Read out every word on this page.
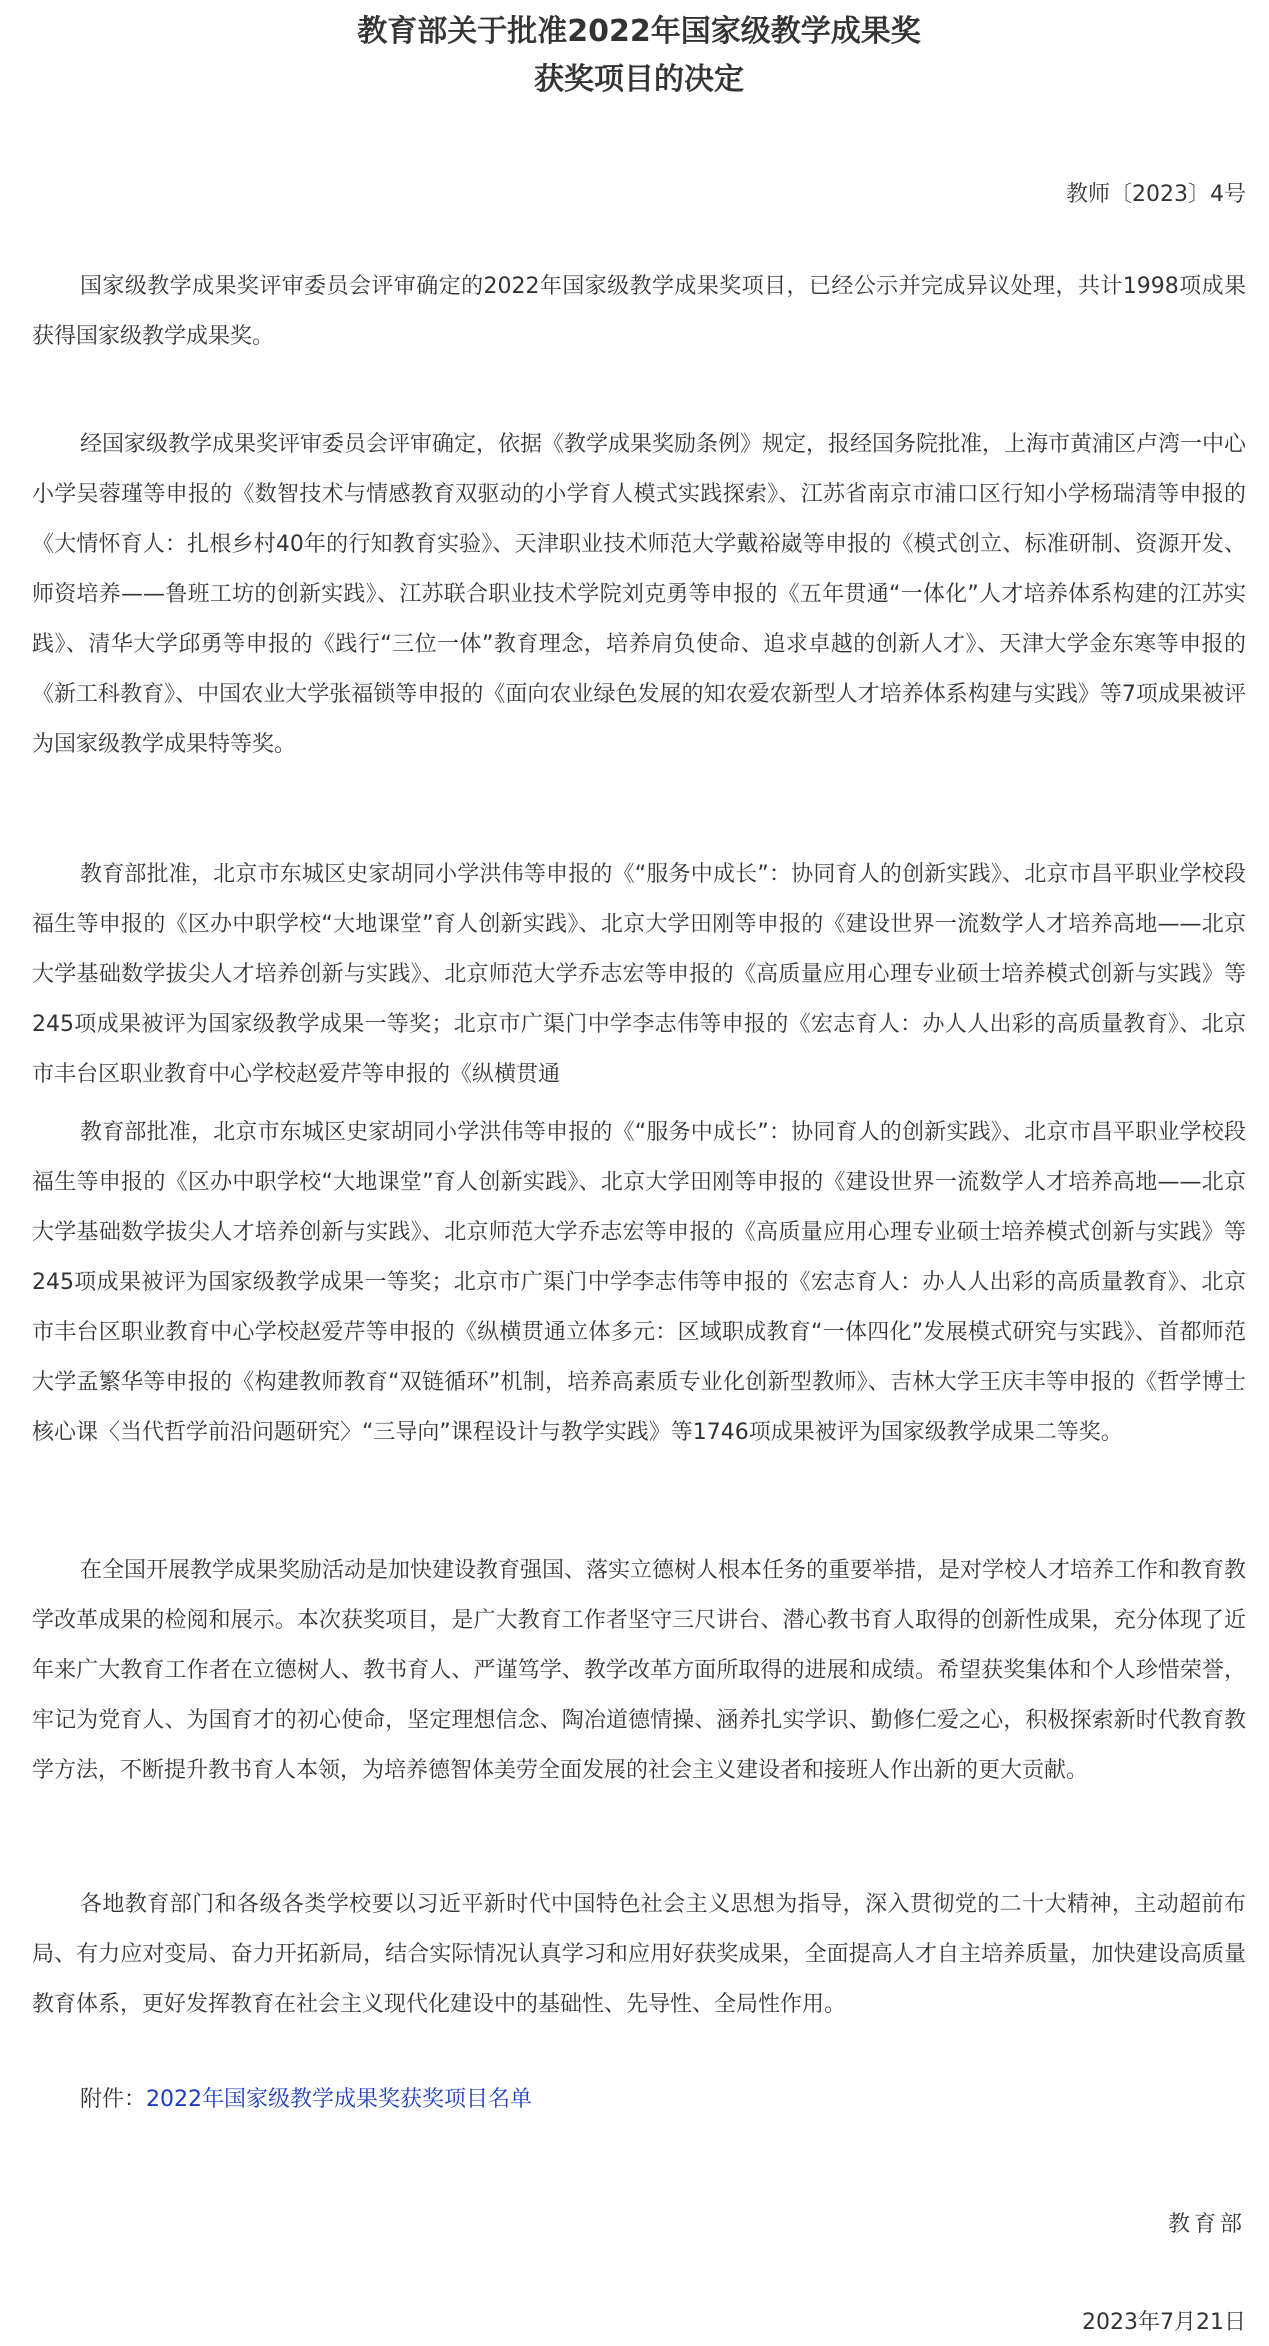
教育部关于批准2022年国家级教学成果奖
获奖项目的决定
教师〔2023〕4号

国家级教学成果奖评审委员会评审确定的2022年国家级教学成果奖项目，已经公示并完成异议处理，共计1998项成果获得国家级教学成果奖。

经国家级教学成果奖评审委员会评审确定，依据《教学成果奖励条例》规定，报经国务院批准，上海市黄浦区卢湾一中心小学吴蓉瑾等申报的《数智技术与情感教育双驱动的小学育人模式实践探索》、江苏省南京市浦口区行知小学杨瑞清等申报的《大情怀育人：扎根乡村40年的行知教育实验》、天津职业技术师范大学戴裕崴等申报的《模式创立、标准研制、资源开发、师资培养——鲁班工坊的创新实践》、江苏联合职业技术学院刘克勇等申报的《五年贯通“一体化”人才培养体系构建的江苏实践》、清华大学邱勇等申报的《践行“三位一体”教育理念，培养肩负使命、追求卓越的创新人才》、天津大学金东寒等申报的《新工科教育》、中国农业大学张福锁等申报的《面向农业绿色发展的知农爱农新型人才培养体系构建与实践》等7项成果被评为国家级教学成果特等奖。

教育部批准，北京市东城区史家胡同小学洪伟等申报的《“服务中成长”：协同育人的创新实践》、北京市昌平职业学校段福生等申报的《区办中职学校“大地课堂”育人创新实践》、北京大学田刚等申报的《建设世界一流数学人才培养高地——北京大学基础数学拔尖人才培养创新与实践》、北京师范大学乔志宏等申报的《高质量应用心理专业硕士培养模式创新与实践》等245项成果被评为国家级教学成果一等奖；北京市广渠门中学李志伟等申报的《宏志育人：办人人出彩的高质量教育》、北京市丰台区职业教育中心学校赵爱芹等申报的《纵横贯通

教育部批准，北京市东城区史家胡同小学洪伟等申报的《“服务中成长”：协同育人的创新实践》、北京市昌平职业学校段福生等申报的《区办中职学校“大地课堂”育人创新实践》、北京大学田刚等申报的《建设世界一流数学人才培养高地——北京大学基础数学拔尖人才培养创新与实践》、北京师范大学乔志宏等申报的《高质量应用心理专业硕士培养模式创新与实践》等245项成果被评为国家级教学成果一等奖；北京市广渠门中学李志伟等申报的《宏志育人：办人人出彩的高质量教育》、北京市丰台区职业教育中心学校赵爱芹等申报的《纵横贯通立体多元：区域职成教育“一体四化”发展模式研究与实践》、首都师范大学孟繁华等申报的《构建教师教育“双链循环”机制，培养高素质专业化创新型教师》、吉林大学王庆丰等申报的《哲学博士核心课〈当代哲学前沿问题研究〉“三导向”课程设计与教学实践》等1746项成果被评为国家级教学成果二等奖。

在全国开展教学成果奖励活动是加快建设教育强国、落实立德树人根本任务的重要举措，是对学校人才培养工作和教育教学改革成果的检阅和展示。本次获奖项目，是广大教育工作者坚守三尺讲台、潜心教书育人取得的创新性成果，充分体现了近年来广大教育工作者在立德树人、教书育人、严谨笃学、教学改革方面所取得的进展和成绩。希望获奖集体和个人珍惜荣誉，牢记为党育人、为国育才的初心使命，坚定理想信念、陶冶道德情操、涵养扎实学识、勤修仁爱之心，积极探索新时代教育教学方法，不断提升教书育人本领，为培养德智体美劳全面发展的社会主义建设者和接班人作出新的更大贡献。

各地教育部门和各级各类学校要以习近平新时代中国特色社会主义思想为指导，深入贯彻党的二十大精神，主动超前布局、有力应对变局、奋力开拓新局，结合实际情况认真学习和应用好获奖成果，全面提高人才自主培养质量，加快建设高质量教育体系，更好发挥教育在社会主义现代化建设中的基础性、先导性、全局性作用。

附件：2022年国家级教学成果奖获奖项目名单
教育部
2023年7月21日
